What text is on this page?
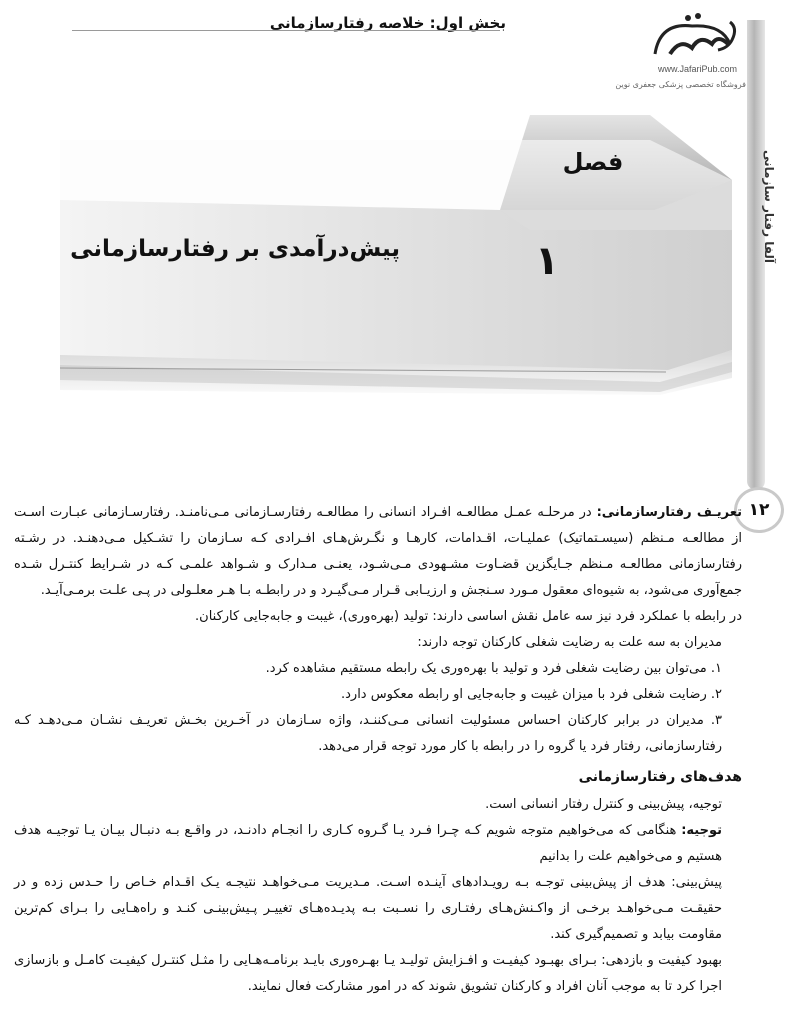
بخش اول: خلاصه رفتارسازمانی
www.JafariPub.com
فروشگاه تخصصی پزشکی جعفری نوین
آلفا رفتار سازمانی
۱۲
فصل
۱
پیش‌درآمدی بر رفتارسازمانی

تعریـف رفتارسازمانی: در مرحلـه عمـل مطالعـه افـراد انسانی را مطالعـه رفتارسـازمانی مـی‌نامنـد. رفتارسـازمانی عبـارت اسـت از مطالعـه مـنظم (سیسـتماتیک) عملیـات، اقـدامات، کارهـا و نگـرش‌هـای افـرادی کـه سـازمان را تشـکیل مـی‌دهنـد. در رشـته رفتارسازمانی مطالعـه مـنظم جـایگزین قضـاوت مشـهودی مـی‌شـود، یعنـی مـدارک و شـواهد علمـی کـه در شـرایط کنتـرل شـده جمع‌آوری می‌شود، به شیوه‌ای معقول مـورد سـنجش و ارزیـابی قـرار مـی‌گیـرد و در رابطـه بـا هـر معلـولی در پـی علـت برمـی‌آیـد.

در رابطه با عملکرد فرد نیز سه عامل نقش اساسی دارند: تولید (بهره‌وری)، غیبت و جابه‌جایی کارکنان.

مدیران به سه علت به رضایت شغلی کارکنان توجه دارند:

۱. می‌توان بین رضایت شغلی فرد و تولید با بهره‌وری یک رابطه مستقیم مشاهده کرد.

۲. رضایت شغلی فرد با میزان غیبت و جابه‌جایی او رابطه معکوس دارد.

۳. مدیران در برابر کارکنان احساس مسئولیت انسانی مـی‌کننـد، واژه سـازمان در آخـرین بخـش تعریـف نشـان مـی‌دهـد کـه رفتارسازمانی، رفتار فرد یا گروه را در رابطه با کار مورد توجه قرار می‌دهد.

هدف‌های رفتارسازمانی

توجیه، پیش‌بینی و کنترل رفتار انسانی است.

توجیه: هنگامی که می‌خواهیم متوجه شویم کـه چـرا فـرد یـا گـروه کـاری را انجـام دادنـد، در واقـع بـه دنبـال بیـان یـا توجیـه هدف هستیم و می‌خواهیم علت را بدانیم

پیش‌بینی: هدف از پیش‌بینی توجـه بـه رویـدادهای آینـده اسـت. مـدیریت مـی‌خواهـد نتیجـه یـک اقـدام خـاص را حـدس زده و در حقیقـت مـی‌خواهـد برخـی از واکـنش‌هـای رفتـاری را نسـبت بـه پدیـده‌هـای تغییـر پـیش‌بینـی کنـد و راه‌هـایی را بـرای کم‌ترین مقاومت بیابد و تصمیم‌گیری کند.

بهبود کیفیت و بازدهی: بـرای بهبـود کیفیـت و افـزایش تولیـد یـا بهـره‌وری بایـد برنامـه‌هـایی را مثـل کنتـرل کیفیـت کامـل و بازسازی اجرا کرد تا به موجب آنان افراد و کارکنان تشویق شوند که در امور مشارکت فعال نمایند.
